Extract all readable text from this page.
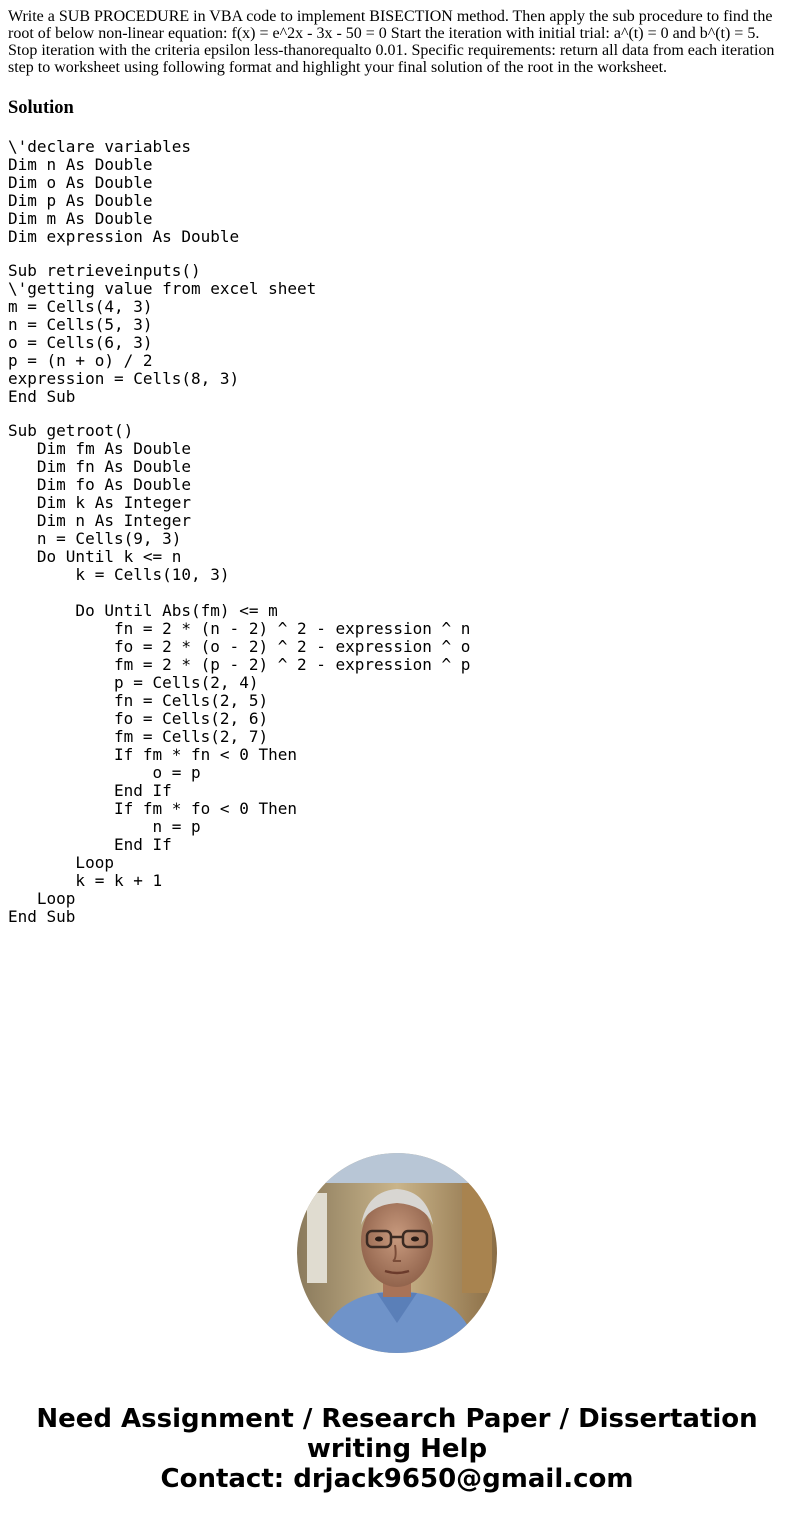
Write a SUB PROCEDURE in VBA code to implement BISECTION method. Then apply the sub procedure to find the root of below non-linear equation: f(x) = e^2x - 3x - 50 = 0 Start the iteration with initial trial: a^(t) = 0 and b^(t) = 5. Stop iteration with the criteria epsilon less-thanorequalto 0.01. Specific requirements: return all data from each iteration step to worksheet using following format and highlight your final solution of the root in the worksheet.

Solution
\'declare variables
Dim n As Double
Dim o As Double
Dim p As Double
Dim m As Double
Dim expression As Double
Sub retrieveinputs()
\'getting value from excel sheet
m = Cells(4, 3)
n = Cells(5, 3)
o = Cells(6, 3)
p = (n + o) / 2
expression = Cells(8, 3)
End Sub
Sub getroot()
Dim fm As Double
Dim fn As Double
Dim fo As Double
Dim k As Integer
Dim n As Integer
n = Cells(9, 3)
Do Until k <= n
k = Cells(10, 3)

Do Until Abs(fm) <= m
fn = 2 * (n - 2) ^ 2 - expression ^ n
fo = 2 * (o - 2) ^ 2 - expression ^ o
fm = 2 * (p - 2) ^ 2 - expression ^ p
p = Cells(2, 4)
fn = Cells(2, 5)
fo = Cells(2, 6)
fm = Cells(2, 7)
If fm * fn < 0 Then
o = p
End If
If fm * fo < 0 Then
n = p
End If
Loop
k = k + 1
Loop
End Sub
Need Assignment / Research Paper / Dissertation
writing Help
Contact: drjack9650@gmail.com
